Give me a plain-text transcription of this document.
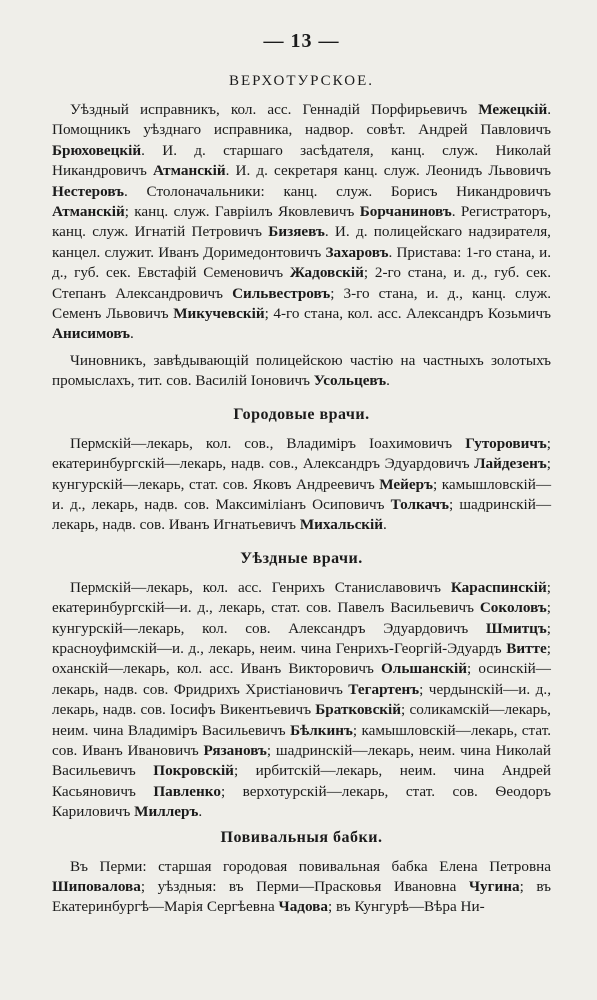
— 13 —
ВЕРХОТУРСКОЕ.

Уѣздный исправникъ, кол. асс. Геннадій Порфирьевичъ Межецкій. Помощникъ уѣзднаго исправника, надвор. совѣт. Андрей Павловичъ Брюховецкій. И. д. старшаго засѣдателя, канц. служ. Николай Никандровичъ Атманскій. И. д. секретаря канц. служ. Леонидъ Львовичъ Нестеровъ. Столоначальники: канц. служ. Борисъ Никандровичъ Атманскій; канц. служ. Гавріилъ Яковлевичъ Борчаниновъ. Регистраторъ, канц. служ. Игнатій Петровичъ Бизяевъ. И. д. полицейскаго надзирателя, канцел. служит. Иванъ Доримедонтовичъ Захаровъ. Пристава: 1-го стана, и. д., губ. сек. Евстафій Семеновичъ Жадовскій; 2-го стана, и. д., губ. сек. Степанъ Александровичъ Сильвестровъ; 3-го стана, и. д., канц. служ. Семенъ Львовичъ Микучевскій; 4-го стана, кол. асс. Александръ Козьмичъ Анисимовъ.

Чиновникъ, завѣдывающій полицейскою частію на частныхъ золотыхъ промыслахъ, тит. сов. Василій Іоновичъ Усольцевъ.

Городовые врачи.

Пермскій—лекарь, кол. сов., Владиміръ Іоахимовичъ Гуторовичъ; екатеринбургскій—лекарь, надв. сов., Александръ Эдуардовичъ Лайдезенъ; кунгурскій—лекарь, стат. сов. Яковъ Андреевичъ Мейеръ; камышловскій—и. д., лекарь, надв. сов. Максиміліанъ Осиповичъ Толкачъ; шадринскій—лекарь, надв. сов. Иванъ Игнатьевичъ Михальскій.

Уѣздные врачи.

Пермскій—лекарь, кол. асс. Генрихъ Станиславовичъ Караспинскій; екатеринбургскій—и. д., лекарь, стат. сов. Павелъ Васильевичъ Соколовъ; кунгурскій—лекарь, кол. сов. Александръ Эдуардовичъ Шмитцъ; красноуфимскій—и. д., лекарь, неим. чина Генрихъ-Георгій-Эдуардъ Витте; оханскій—лекарь, кол. асс. Иванъ Викторовичъ Ольшанскій; осинскій—лекарь, надв. сов. Фридрихъ Христіановичъ Тегартенъ; чердынскій—и. д., лекарь, надв. сов. Іосифъ Викентьевичъ Братковскій; соликамскій—лекарь, неим. чина Владиміръ Васильевичъ Бѣлкинъ; камышловскій—лекарь, стат. сов. Иванъ Ивановичъ Рязановъ; шадринскій—лекарь, неим. чина Николай Васильевичъ Покровскій; ирбитскій—лекарь, неим. чина Андрей Касьяновичъ Павленко; верхотурскій—лекарь, стат. сов. Ѳеодоръ Кариловичъ Миллеръ.

Повивальныя бабки.

Въ Перми: старшая городовая повивальная бабка Елена Петровна Шиповалова; уѣздныя: въ Перми—Прасковья Ивановна Чугина; въ Екатеринбургѣ—Марія Сергѣевна Чадова; въ Кунгурѣ—Вѣра Ни-
